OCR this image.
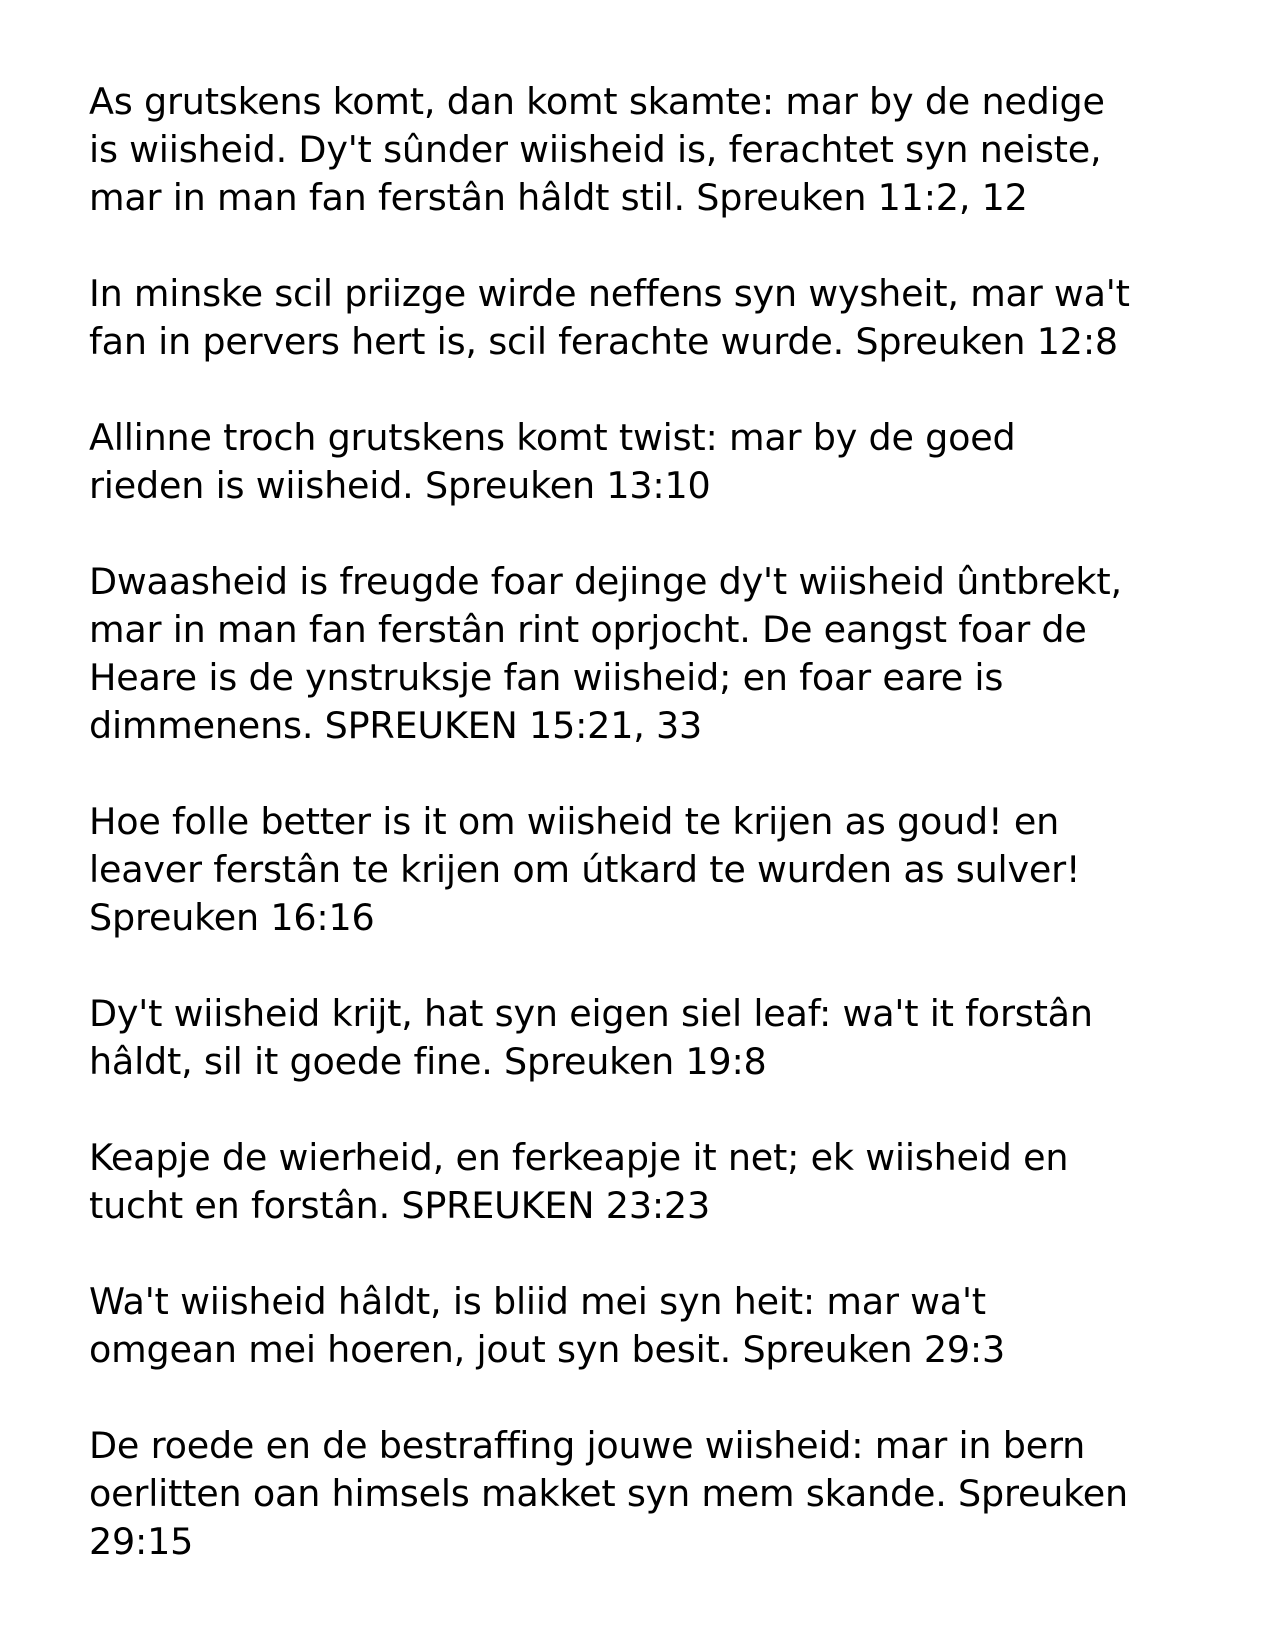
As grutskens komt, dan komt skamte: mar by de nedige
is wiisheid. Dy't sûnder wiisheid is, ferachtet syn neiste,
mar in man fan ferstân hâldt stil. Spreuken 11:2, 12

In minske scil priizge wirde neffens syn wysheit, mar wa't
fan in pervers hert is, scil ferachte wurde. Spreuken 12:8

Allinne troch grutskens komt twist: mar by de goed
rieden is wiisheid. Spreuken 13:10

Dwaasheid is freugde foar dejinge dy't wiisheid ûntbrekt,
mar in man fan ferstân rint oprjocht. De eangst foar de
Heare is de ynstruksje fan wiisheid; en foar eare is
dimmenens. SPREUKEN 15:21, 33

Hoe folle better is it om wiisheid te krijen as goud! en
leaver ferstân te krijen om útkard te wurden as sulver!
Spreuken 16:16

Dy't wiisheid krijt, hat syn eigen siel leaf: wa't it forstân
hâldt, sil it goede fine. Spreuken 19:8

Keapje de wierheid, en ferkeapje it net; ek wiisheid en
tucht en forstân. SPREUKEN 23:23

Wa't wiisheid hâldt, is bliid mei syn heit: mar wa't
omgean mei hoeren, jout syn besit. Spreuken 29:3

De roede en de bestraffing jouwe wiisheid: mar in bern
oerlitten oan himsels makket syn mem skande. Spreuken
29:15
